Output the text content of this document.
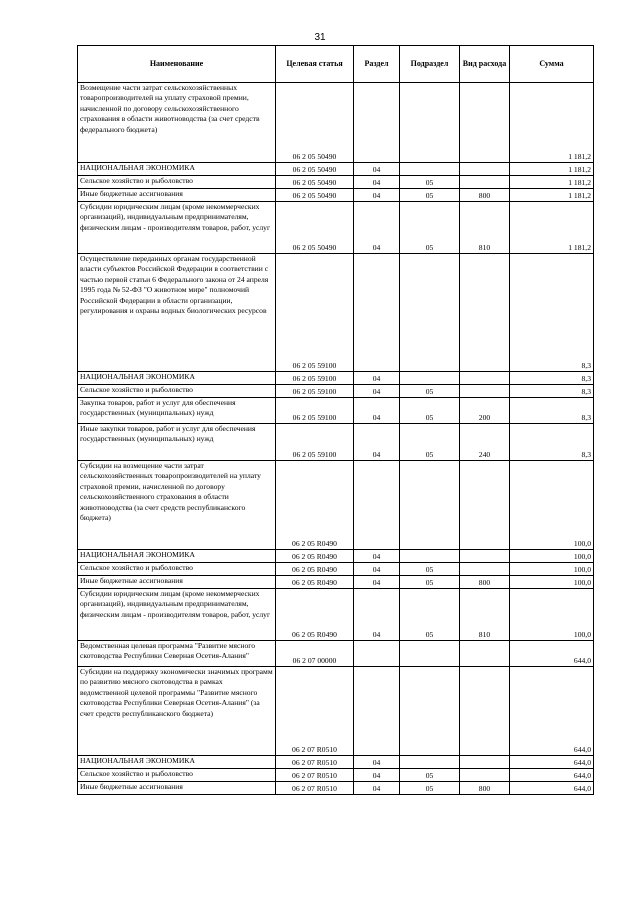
31
Наименование	Целевая статья	Раздел	Подраздел	Вид расхода	Сумма
Возмещение части затрат сельскохозяйственных товаропроизводителей на уплату страховой премии, начисленной по договору сельскохозяйственного страхования в области животноводства (за счет средств федерального бюджета)	06 2 05 50490				1 181,2
НАЦИОНАЛЬНАЯ ЭКОНОМИКА	06 2 05 50490	04			1 181,2
Сельское хозяйство и рыболовство	06 2 05 50490	04	05		1 181,2
Иные бюджетные ассигнования	06 2 05 50490	04	05	800	1 181,2
Субсидии юридическим лицам (кроме некоммерческих организаций), индивидуальным предпринимателям, физическим лицам - производителям товаров, работ, услуг	06 2 05 50490	04	05	810	1 181,2
Осуществление переданных органам государственной власти субъектов Российской Федерации в соответствии с частью первой статьи 6 Федерального закона от 24 апреля 1995 года № 52-ФЗ "О животном мире" полномочий Российской Федерации в области организации, регулирования и охраны водных биологических ресурсов	06 2 05 59100				8,3
НАЦИОНАЛЬНАЯ ЭКОНОМИКА	06 2 05 59100	04			8,3
Сельское хозяйство и рыболовство	06 2 05 59100	04	05		8,3
Закупка товаров, работ и услуг для обеспечения государственных (муниципальных) нужд	06 2 05 59100	04	05	200	8,3
Иные закупки товаров, работ и услуг для обеспечения государственных (муниципальных) нужд	06 2 05 59100	04	05	240	8,3
Субсидии на возмещение части затрат сельскохозяйственных товаропроизводителей на уплату страховой премии, начисленной по договору сельскохозяйственного страхования в области животноводства (за счет средств республиканского бюджета)	06 2 05 R0490				100,0
НАЦИОНАЛЬНАЯ ЭКОНОМИКА	06 2 05 R0490	04			100,0
Сельское хозяйство и рыболовство	06 2 05 R0490	04	05		100,0
Иные бюджетные ассигнования	06 2 05 R0490	04	05	800	100,0
Субсидии юридическим лицам (кроме некоммерческих организаций), индивидуальным предпринимателям, физическим лицам - производителям товаров, работ, услуг	06 2 05 R0490	04	05	810	100,0
Ведомственная целевая программа "Развитие мясного скотоводства Республики Северная Осетия-Алания"	06 2 07 00000				644,0
Субсидии на поддержку экономически значимых программ по развитию мясного скотоводства в рамках ведомственной целевой программы "Развитие мясного скотоводства Республики Северная Осетия-Алания" (за счет средств республиканского бюджета)	06 2 07 R0510				644,0
НАЦИОНАЛЬНАЯ ЭКОНОМИКА	06 2 07 R0510	04			644,0
Сельское хозяйство и рыболовство	06 2 07 R0510	04	05		644,0
Иные бюджетные ассигнования	06 2 07 R0510	04	05	800	644,0
